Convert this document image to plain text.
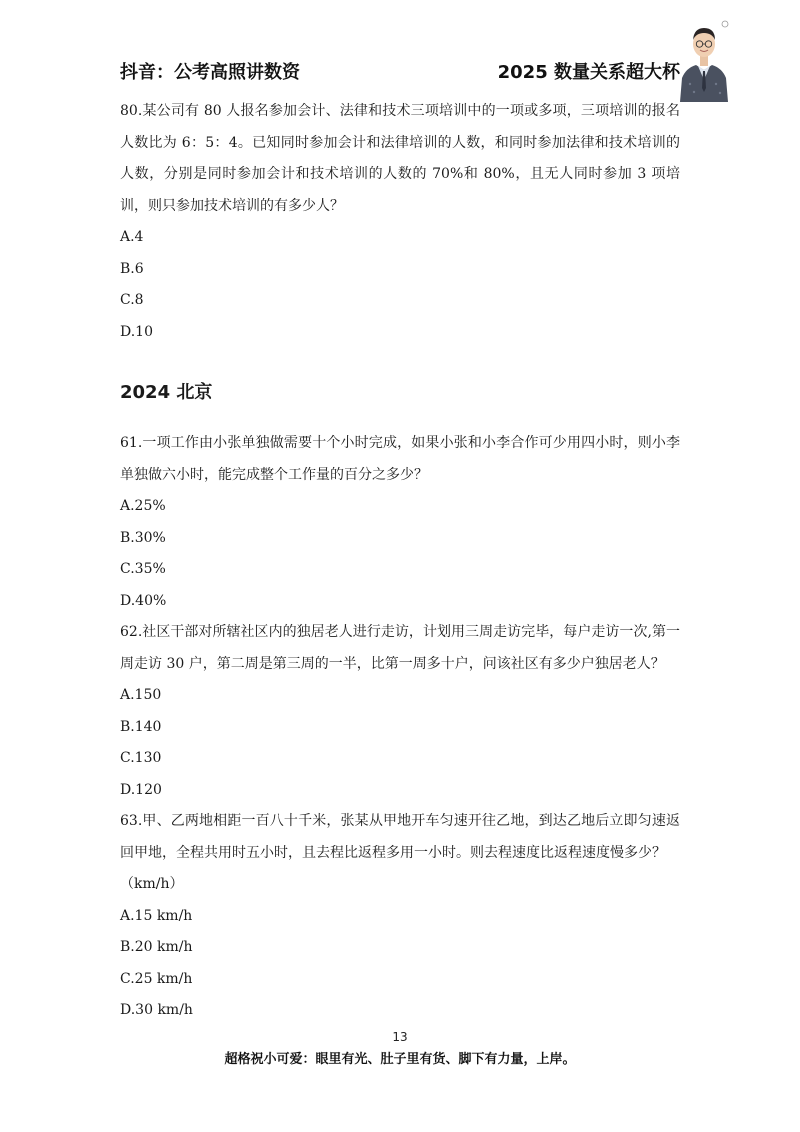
抖音：公考高照讲数资	2025 数量关系超大杯

80.某公司有 80 人报名参加会计、法律和技术三项培训中的一项或多项，三项培训的报名人数比为 6：5：4。已知同时参加会计和法律培训的人数，和同时参加法律和技术培训的人数，分别是同时参加会计和技术培训的人数的 70%和 80%，且无人同时参加 3 项培训，则只参加技术培训的有多少人？

A.4

B.6

C.8

D.10

2024 北京

61.一项工作由小张单独做需要十个小时完成，如果小张和小李合作可少用四小时，则小李单独做六小时，能完成整个工作量的百分之多少？

A.25%

B.30%

C.35%

D.40%

62.社区干部对所辖社区内的独居老人进行走访，计划用三周走访完毕，每户走访一次,第一周走访 30 户，第二周是第三周的一半，比第一周多十户，问该社区有多少户独居老人？

A.150

B.140

C.130

D.120

63.甲、乙两地相距一百八十千米，张某从甲地开车匀速开往乙地，到达乙地后立即匀速返回甲地，全程共用时五小时，且去程比返程多用一小时。则去程速度比返程速度慢多少？

（km/h）

A.15 km/h

B.20 km/h

C.25 km/h

D.30 km/h

13
超格祝小可爱：眼里有光、肚子里有货、脚下有力量，上岸。
